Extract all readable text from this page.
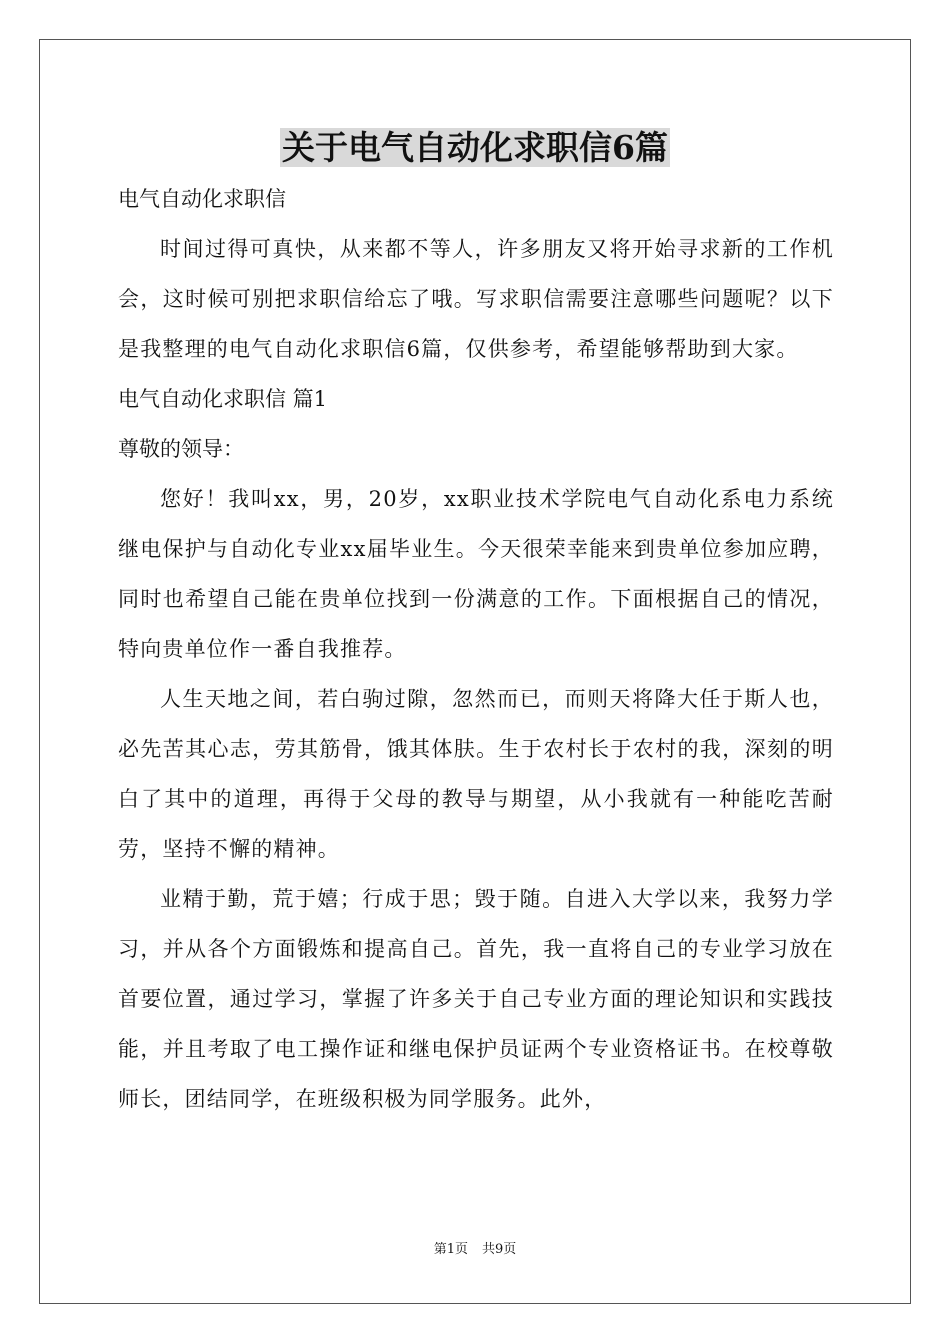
关于电气自动化求职信6篇
电气自动化求职信

时间过得可真快，从来都不等人，许多朋友又将开始寻求新的工作机会，这时候可别把求职信给忘了哦。写求职信需要注意哪些问题呢？以下是我整理的电气自动化求职信6篇，仅供参考，希望能够帮助到大家。

电气自动化求职信 篇1
尊敬的领导：

您好！我叫xx，男，20岁，xx职业技术学院电气自动化系电力系统继电保护与自动化专业xx届毕业生。今天很荣幸能来到贵单位参加应聘，同时也希望自己能在贵单位找到一份满意的工作。下面根据自己的情况，特向贵单位作一番自我推荐。

人生天地之间，若白驹过隙，忽然而已，而则天将降大任于斯人也，必先苦其心志，劳其筋骨，饿其体肤。生于农村长于农村的我，深刻的明白了其中的道理，再得于父母的教导与期望，从小我就有一种能吃苦耐劳，坚持不懈的精神。

业精于勤，荒于嬉；行成于思；毁于随。自进入大学以来，我努力学习，并从各个方面锻炼和提高自己。首先，我一直将自己的专业学习放在首要位置，通过学习，掌握了许多关于自己专业方面的理论知识和实践技能，并且考取了电工操作证和继电保护员证两个专业资格证书。在校尊敬师长，团结同学，在班级积极为同学服务。此外，

第1页 共9页
